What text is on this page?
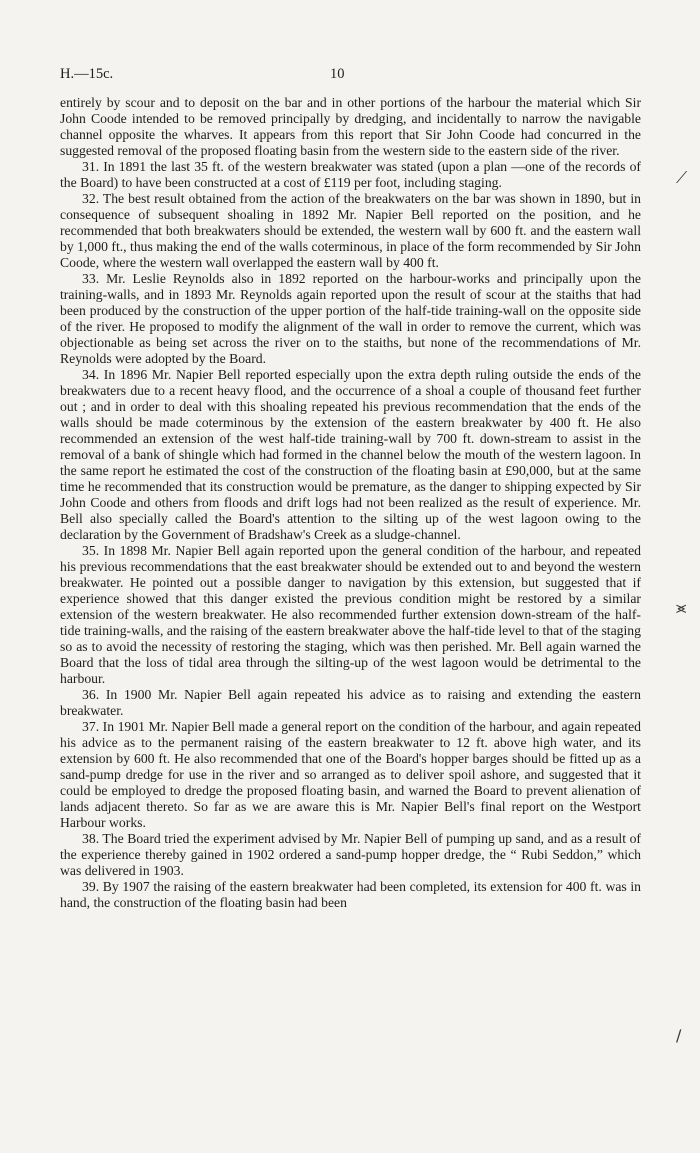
H.—15c.	10

entirely by scour and to deposit on the bar and in other portions of the harbour the material which Sir John Coode intended to be removed principally by dredging, and incidentally to narrow the navigable channel opposite the wharves. It appears from this report that Sir John Coode had concurred in the suggested removal of the proposed floating basin from the western side to the eastern side of the river.

31. In 1891 the last 35 ft. of the western breakwater was stated (upon a plan —one of the records of the Board) to have been constructed at a cost of £119 per foot, including staging.

32. The best result obtained from the action of the breakwaters on the bar was shown in 1890, but in consequence of subsequent shoaling in 1892 Mr. Napier Bell reported on the position, and he recommended that both breakwaters should be extended, the western wall by 600 ft. and the eastern wall by 1,000 ft., thus making the end of the walls coterminous, in place of the form recommended by Sir John Coode, where the western wall overlapped the eastern wall by 400 ft.

33. Mr. Leslie Reynolds also in 1892 reported on the harbour-works and principally upon the training-walls, and in 1893 Mr. Reynolds again reported upon the result of scour at the staiths that had been produced by the construction of the upper portion of the half-tide training-wall on the opposite side of the river. He proposed to modify the alignment of the wall in order to remove the current, which was objectionable as being set across the river on to the staiths, but none of the recommendations of Mr. Reynolds were adopted by the Board.

34. In 1896 Mr. Napier Bell reported especially upon the extra depth ruling outside the ends of the breakwaters due to a recent heavy flood, and the occurrence of a shoal a couple of thousand feet further out ; and in order to deal with this shoaling repeated his previous recommendation that the ends of the walls should be made coterminous by the extension of the eastern breakwater by 400 ft. He also recommended an extension of the west half-tide training-wall by 700 ft. down-stream to assist in the removal of a bank of shingle which had formed in the channel below the mouth of the western lagoon. In the same report he estimated the cost of the construction of the floating basin at £90,000, but at the same time he recommended that its construction would be premature, as the danger to shipping expected by Sir John Coode and others from floods and drift logs had not been realized as the result of experience. Mr. Bell also specially called the Board's attention to the silting up of the west lagoon owing to the declaration by the Government of Bradshaw's Creek as a sludge-channel.

35. In 1898 Mr. Napier Bell again reported upon the general condition of the harbour, and repeated his previous recommendations that the east breakwater should be extended out to and beyond the western breakwater. He pointed out a possible danger to navigation by this extension, but suggested that if experience showed that this danger existed the previous condition might be restored by a similar extension of the western breakwater. He also recommended further extension down-stream of the half-tide training-walls, and the raising of the eastern breakwater above the half-tide level to that of the staging so as to avoid the necessity of restoring the staging, which was then perished. Mr. Bell again warned the Board that the loss of tidal area through the silting-up of the west lagoon would be detrimental to the harbour.

36. In 1900 Mr. Napier Bell again repeated his advice as to raising and extending the eastern breakwater.

37. In 1901 Mr. Napier Bell made a general report on the condition of the harbour, and again repeated his advice as to the permanent raising of the eastern breakwater to 12 ft. above high water, and its extension by 600 ft. He also recommended that one of the Board's hopper barges should be fitted up as a sand-pump dredge for use in the river and so arranged as to deliver spoil ashore, and suggested that it could be employed to dredge the proposed floating basin, and warned the Board to prevent alienation of lands adjacent thereto. So far as we are aware this is Mr. Napier Bell's final report on the Westport Harbour works.

38. The Board tried the experiment advised by Mr. Napier Bell of pumping up sand, and as a result of the experience thereby gained in 1902 ordered a sand-pump hopper dredge, the “ Rubi Seddon,” which was delivered in 1903.

39. By 1907 the raising of the eastern breakwater had been completed, its extension for 400 ft. was in hand, the construction of the floating basin had been

⟋
⪤
∕
